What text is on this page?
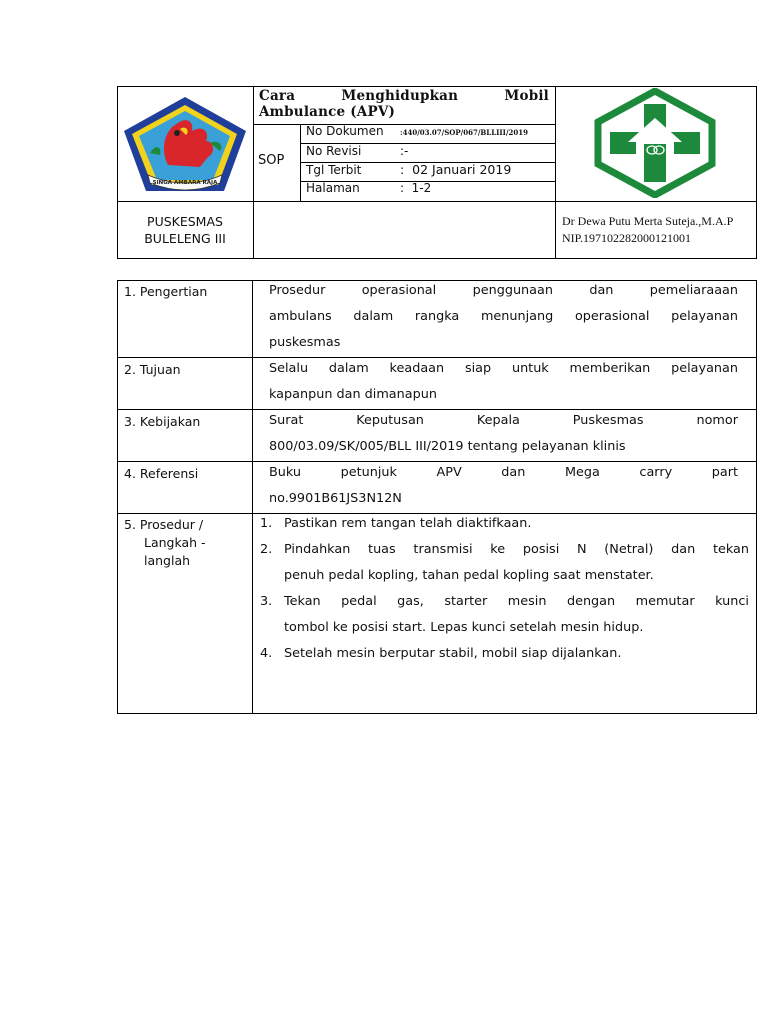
SINGA AMBARA RAJA
Cara	Menghidupkan	Mobil
Ambulance (APV)
SOP
No Dokumen :440/03.07/SOP/067/BLLIII/2019
No Revisi	:-
Tgl Terbit	:  02 Januari 2019
Halaman	:  1-2
PUSKESMAS
BULELENG III
Dr Dewa Putu Merta Suteja.,M.A.P
NIP.197102282000121001
1. Pengertian	Prosedur operasional penggunaan dan pemeliaraaan
ambulans dalam rangka menunjang operasional pelayanan
puskesmas
2. Tujuan	Selalu dalam keadaan siap untuk memberikan pelayanan
kapanpun dan dimanapun
3. Kebijakan	Surat Keputusan Kepala Puskesmas nomor
800/03.09/SK/005/BLL III/2019 tentang pelayanan klinis
4. Referensi	Buku petunjuk APV dan Mega carry part
no.9901B61JS3N12N
5. Prosedur /
Langkah -
langlah
1. Pastikan rem tangan telah diaktifkaan.
2. Pindahkan tuas transmisi ke posisi N (Netral) dan tekan
penuh pedal kopling, tahan pedal kopling saat menstater.
3. Tekan pedal gas, starter mesin dengan memutar kunci
tombol ke posisi start. Lepas kunci setelah mesin hidup.
4. Setelah mesin berputar stabil, mobil siap dijalankan.
